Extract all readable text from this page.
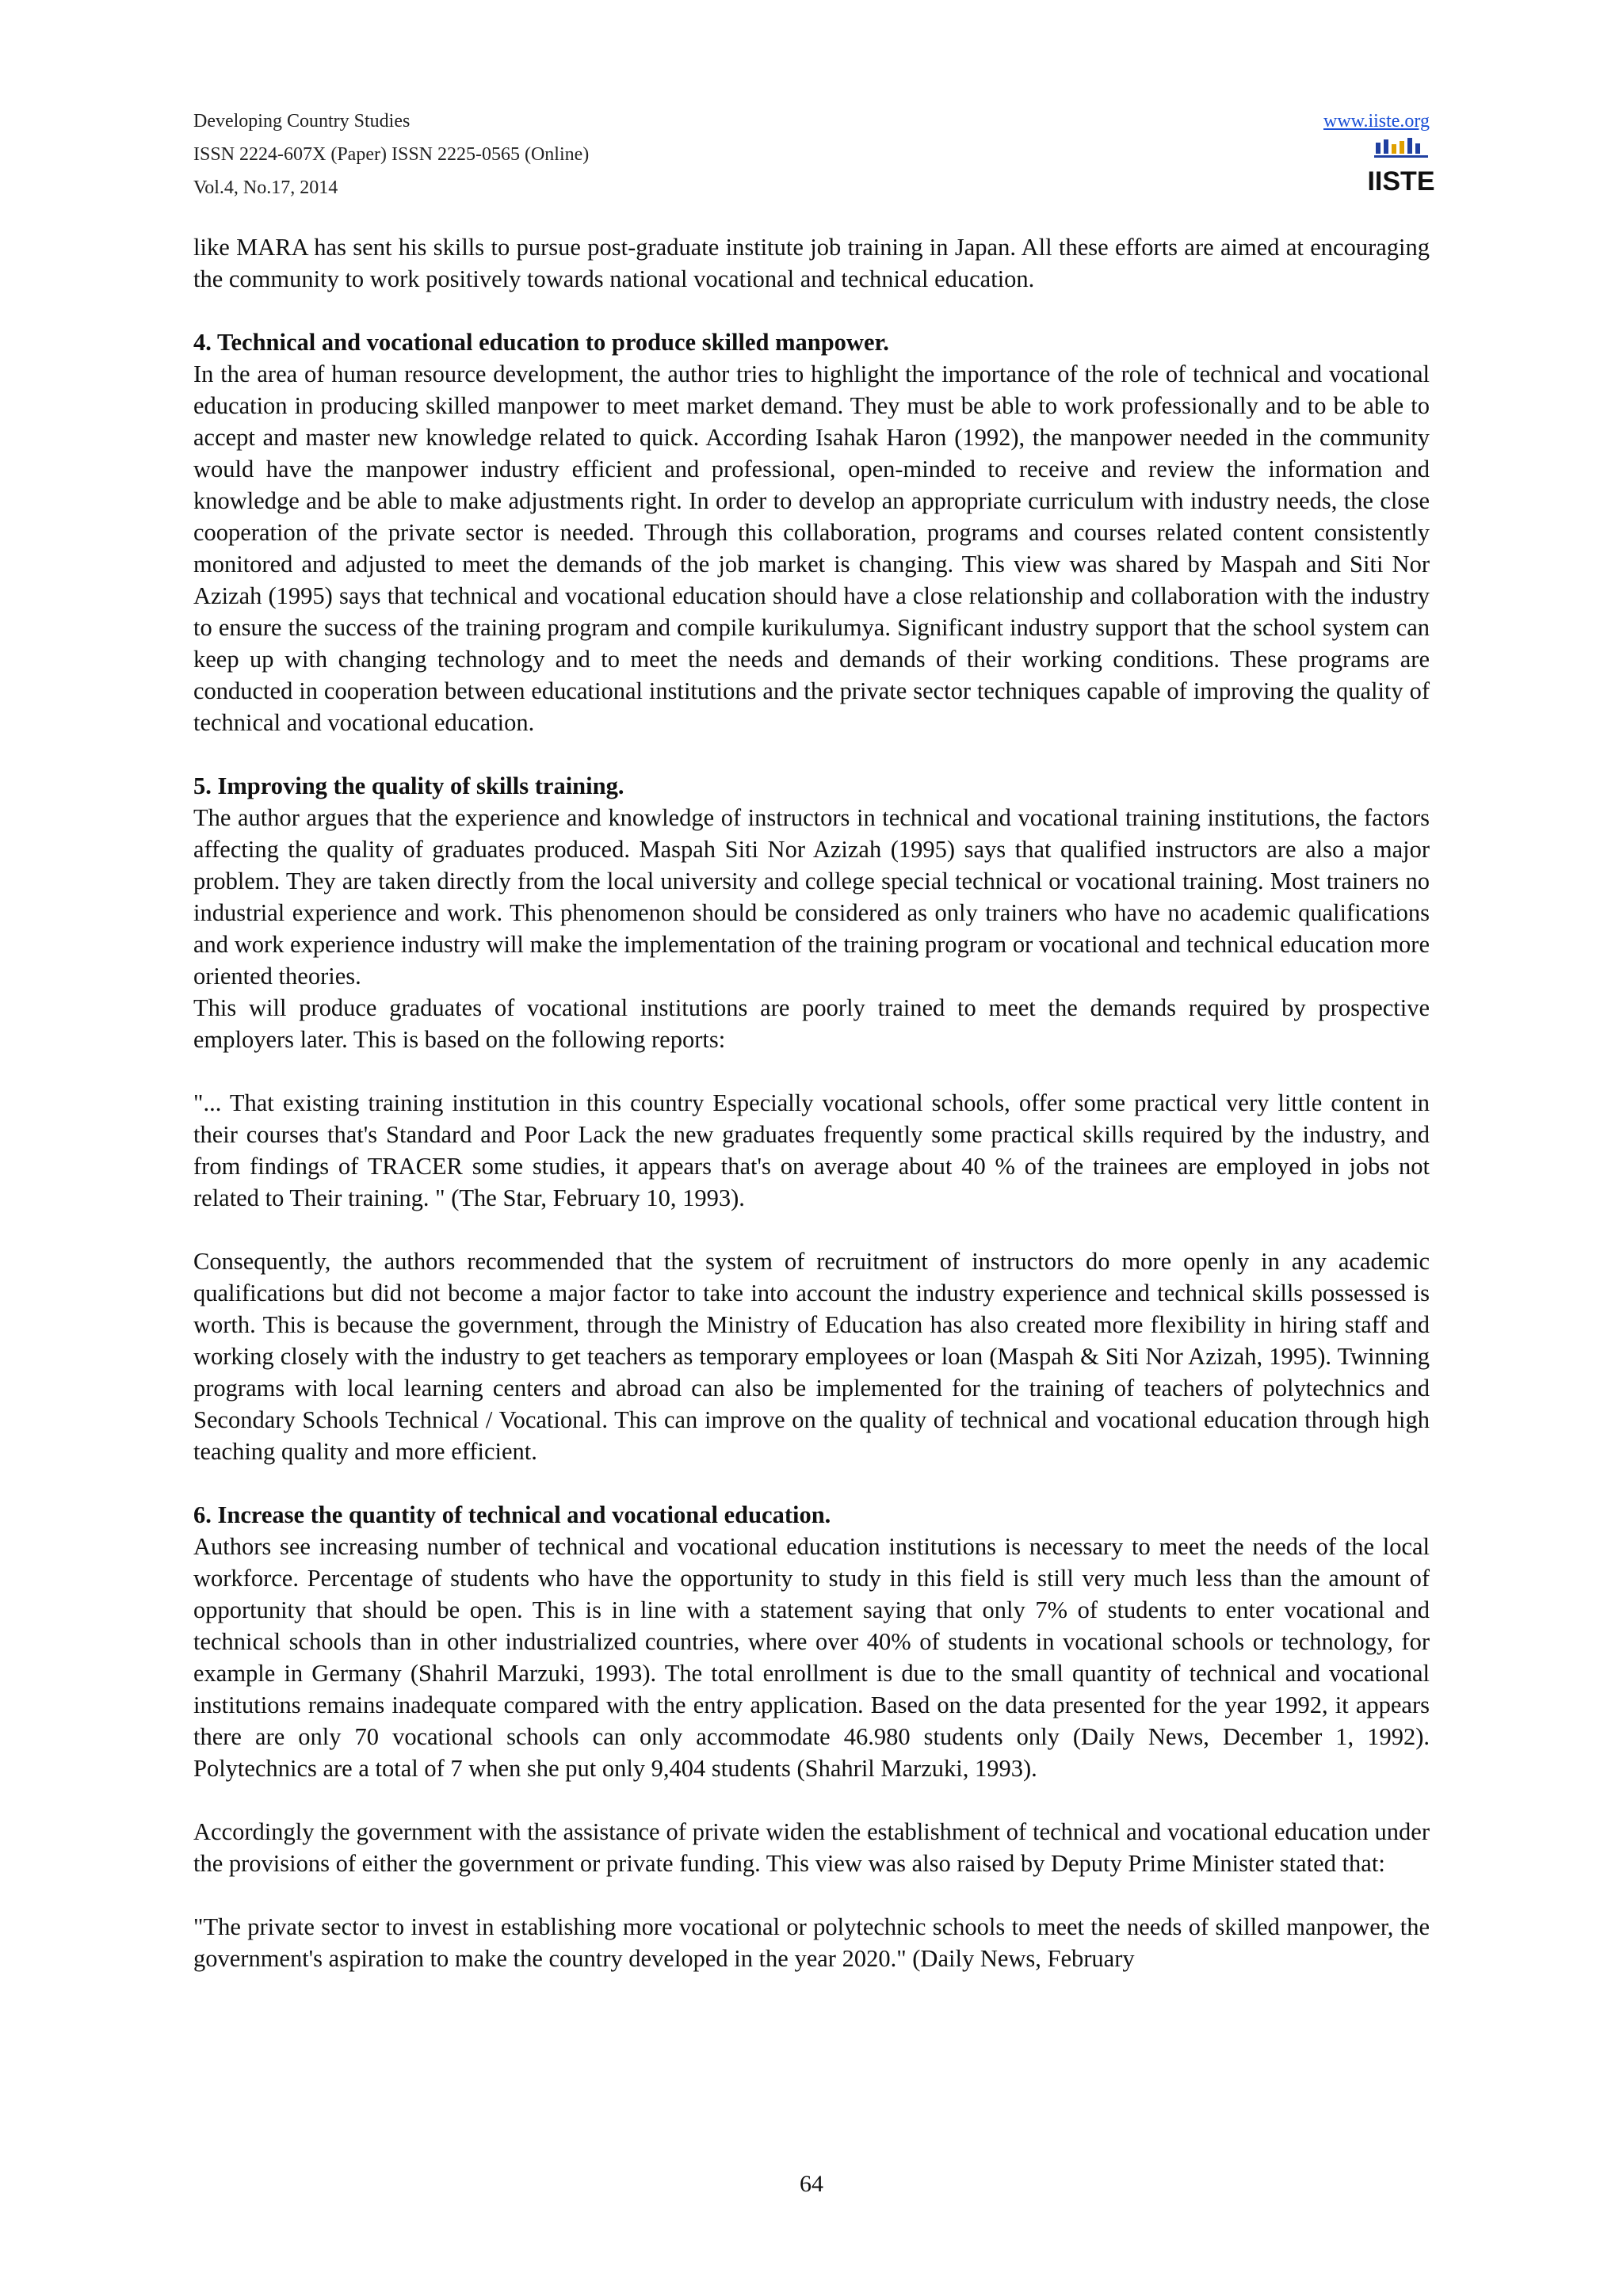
Developing Country Studies
ISSN 2224-607X (Paper) ISSN 2225-0565 (Online)
Vol.4, No.17, 2014
www.iiste.org
IISTE

like MARA has sent his skills to pursue post-graduate institute job training in Japan. All these efforts are aimed at encouraging the community to work positively towards national vocational and technical education.

4. Technical and vocational education to produce skilled manpower.

In the area of human resource development, the author tries to highlight the importance of the role of technical and vocational education in producing skilled manpower to meet market demand. They must be able to work professionally and to be able to accept and master new knowledge related to quick. According Isahak Haron (1992), the manpower needed in the community would have the manpower industry efficient and professional, open-minded to receive and review the information and knowledge and be able to make adjustments right. In order to develop an appropriate curriculum with industry needs, the close cooperation of the private sector is needed. Through this collaboration, programs and courses related content consistently monitored and adjusted to meet the demands of the job market is changing. This view was shared by Maspah and Siti Nor Azizah (1995) says that technical and vocational education should have a close relationship and collaboration with the industry to ensure the success of the training program and compile kurikulumya. Significant industry support that the school system can keep up with changing technology and to meet the needs and demands of their working conditions. These programs are conducted in cooperation between educational institutions and the private sector techniques capable of improving the quality of technical and vocational education.

5. Improving the quality of skills training.

The author argues that the experience and knowledge of instructors in technical and vocational training institutions, the factors affecting the quality of graduates produced. Maspah Siti Nor Azizah (1995) says that qualified instructors are also a major problem. They are taken directly from the local university and college special technical or vocational training. Most trainers no industrial experience and work. This phenomenon should be considered as only trainers who have no academic qualifications and work experience industry will make the implementation of the training program or vocational and technical education more oriented theories.

This will produce graduates of vocational institutions are poorly trained to meet the demands required by prospective employers later. This is based on the following reports:

"... That existing training institution in this country Especially vocational schools, offer some practical very little content in their courses that's Standard and Poor Lack the new graduates frequently some practical skills required by the industry, and from findings of TRACER some studies, it appears that's on average about 40 % of the trainees are employed in jobs not related to Their training. " (The Star, February 10, 1993).

Consequently, the authors recommended that the system of recruitment of instructors do more openly in any academic qualifications but did not become a major factor to take into account the industry experience and technical skills possessed is worth. This is because the government, through the Ministry of Education has also created more flexibility in hiring staff and working closely with the industry to get teachers as temporary employees or loan (Maspah & Siti Nor Azizah, 1995). Twinning programs with local learning centers and abroad can also be implemented for the training of teachers of polytechnics and Secondary Schools Technical / Vocational. This can improve on the quality of technical and vocational education through high teaching quality and more efficient.

6. Increase the quantity of technical and vocational education.

Authors see increasing number of technical and vocational education institutions is necessary to meet the needs of the local workforce. Percentage of students who have the opportunity to study in this field is still very much less than the amount of opportunity that should be open. This is in line with a statement saying that only 7% of students to enter vocational and technical schools than in other industrialized countries, where over 40% of students in vocational schools or technology, for example in Germany (Shahril Marzuki, 1993). The total enrollment is due to the small quantity of technical and vocational institutions remains inadequate compared with the entry application. Based on the data presented for the year 1992, it appears there are only 70 vocational schools can only accommodate 46.980 students only (Daily News, December 1, 1992). Polytechnics are a total of 7 when she put only 9,404 students (Shahril Marzuki, 1993).

Accordingly the government with the assistance of private widen the establishment of technical and vocational education under the provisions of either the government or private funding. This view was also raised by Deputy Prime Minister stated that:

"The private sector to invest in establishing more vocational or polytechnic schools to meet the needs of skilled manpower, the government's aspiration to make the country developed in the year 2020." (Daily News, February

64
